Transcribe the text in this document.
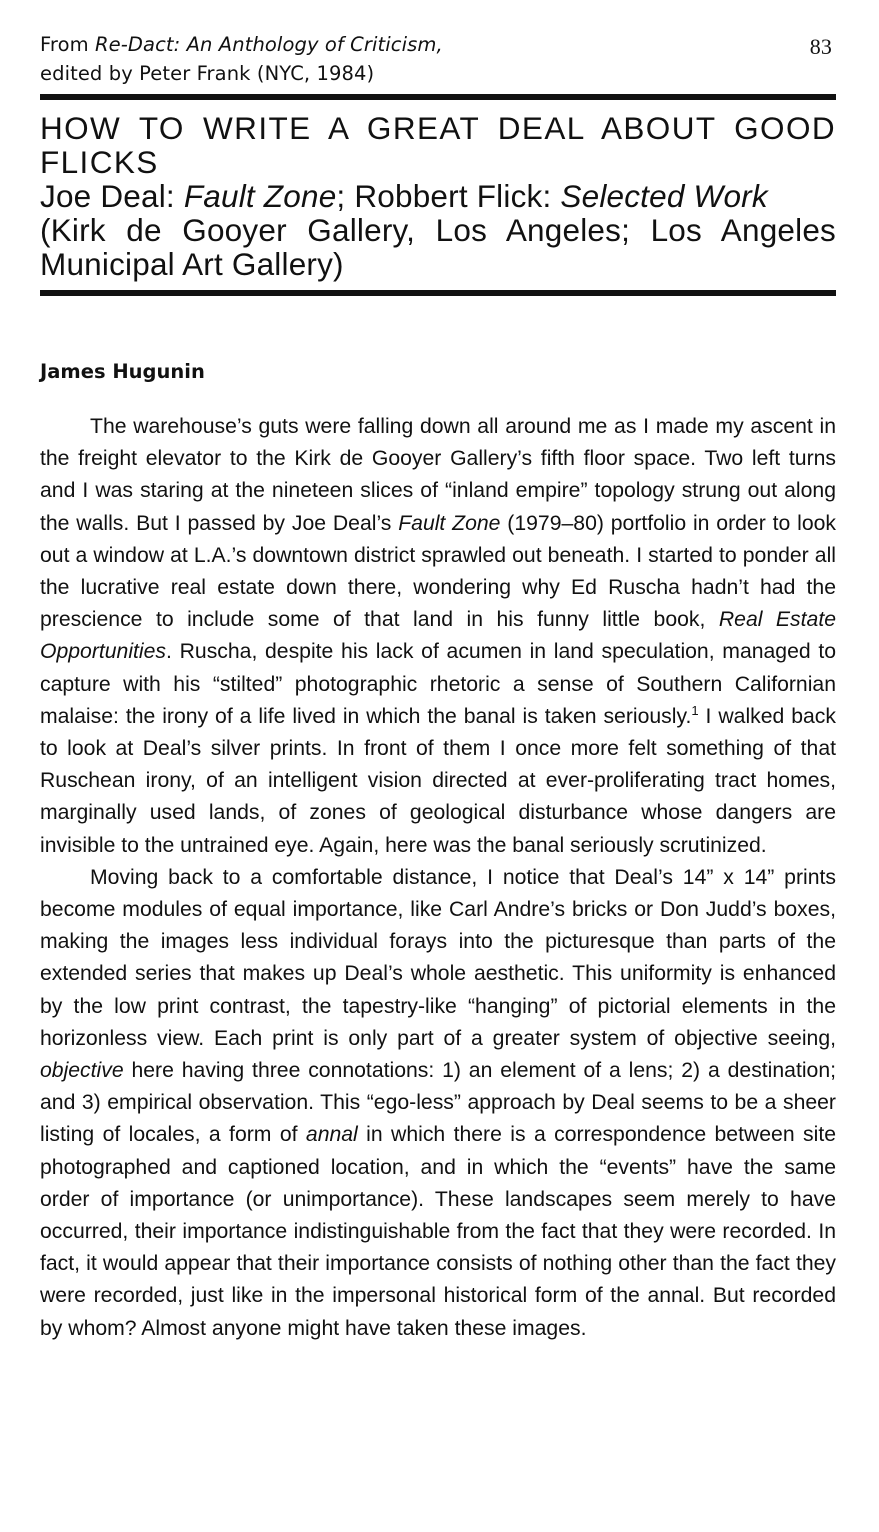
From Re-Dact: An Anthology of Criticism,
edited by Peter Frank (NYC, 1984)
83
HOW TO WRITE A GREAT DEAL ABOUT GOOD FLICKS
Joe Deal: Fault Zone; Robbert Flick: Selected Work
(Kirk de Gooyer Gallery, Los Angeles; Los Angeles Municipal Art Gallery)
James Hugunin

The warehouse’s guts were falling down all around me as I made my ascent in the freight elevator to the Kirk de Gooyer Gallery’s fifth floor space. Two left turns and I was staring at the nineteen slices of “inland empire” topology strung out along the walls. But I passed by Joe Deal’s Fault Zone (1979–80) portfolio in order to look out a window at L.A.’s downtown district sprawled out beneath. I started to ponder all the lucrative real estate down there, wondering why Ed Ruscha hadn’t had the prescience to include some of that land in his funny little book, Real Estate Opportunities. Ruscha, despite his lack of acumen in land speculation, managed to capture with his “stilted” photographic rhetoric a sense of Southern Californian malaise: the irony of a life lived in which the banal is taken seriously.$^1$ I walked back to look at Deal’s silver prints. In front of them I once more felt something of that Ruschean irony, of an intelligent vision directed at ever-proliferating tract homes, marginally used lands, of zones of geological disturbance whose dangers are invisible to the untrained eye. Again, here was the banal seriously scrutinized.

Moving back to a comfortable distance, I notice that Deal’s 14” x 14” prints become modules of equal importance, like Carl Andre’s bricks or Don Judd’s boxes, making the images less individual forays into the picturesque than parts of the extended series that makes up Deal’s whole aesthetic. This uniformity is enhanced by the low print contrast, the tapestry-like “hanging” of pictorial elements in the horizonless view. Each print is only part of a greater system of objective seeing, objective here having three connotations: 1) an element of a lens; 2) a destination; and 3) empirical observation. This “ego-less” approach by Deal seems to be a sheer listing of locales, a form of annal in which there is a correspondence between site photographed and captioned location, and in which the “events” have the same order of importance (or unimportance). These landscapes seem merely to have occurred, their importance indistinguishable from the fact that they were recorded. In fact, it would appear that their importance consists of nothing other than the fact they were recorded, just like in the impersonal historical form of the annal. But recorded by whom? Almost anyone might have taken these images.
